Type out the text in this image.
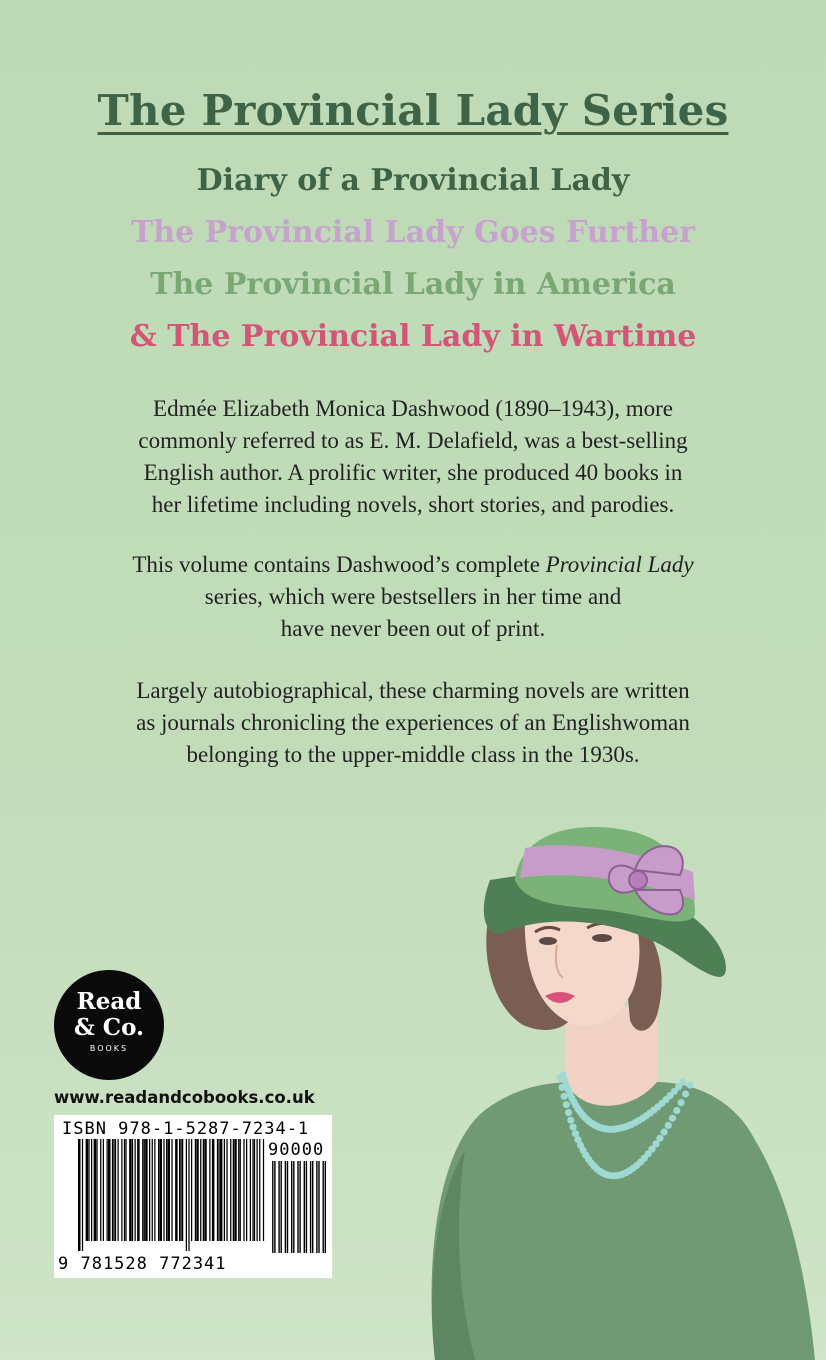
The Provincial Lady Series
Diary of a Provincial Lady
The Provincial Lady Goes Further
The Provincial Lady in America
& The Provincial Lady in Wartime
Edmée Elizabeth Monica Dashwood (1890–1943), more
commonly referred to as E. M. Delafield, was a best-selling
English author. A prolific writer, she produced 40 books in
her lifetime including novels, short stories, and parodies.
This volume contains Dashwood’s complete Provincial Lady
series, which were bestsellers in her time and
have never been out of print.
Largely autobiographical, these charming novels are written
as journals chronicling the experiences of an Englishwoman
belonging to the upper-middle class in the 1930s.
Read
& Co.
BOOKS
www.readandcobooks.co.uk
ISBN 978-1-5287-7234-1
90000
9 781528 772341
